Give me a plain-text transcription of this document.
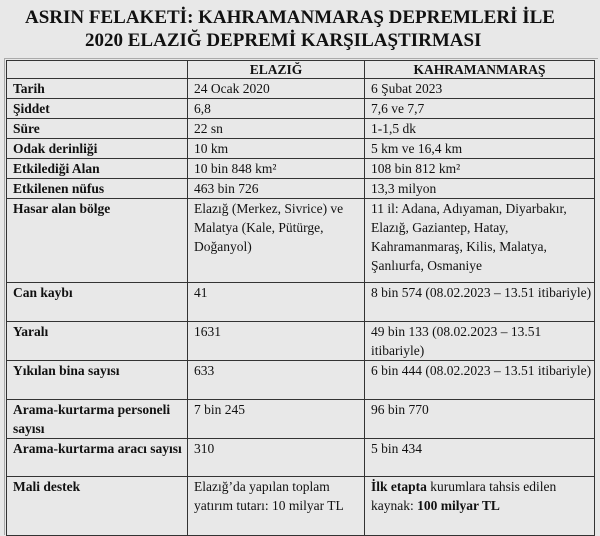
ASRIN FELAKETİ: KAHRAMANMARAŞ DEPREMLERİ İLE
2020 ELAZIĞ DEPREMİ KARŞILAŞTIRMASI
	ELAZIĞ	KAHRAMANMARAŞ
Tarih	24 Ocak 2020	6 Şubat 2023
Şiddet	6,8	7,6 ve 7,7
Süre	22 sn	1-1,5 dk
Odak derinliği	10 km	5 km ve 16,4 km
Etkilediği Alan	10 bin 848 km²	108 bin 812 km²
Etkilenen nüfus	463 bin 726	13,3 milyon
Hasar alan bölge	Elazığ (Merkez, Sivrice) ve Malatya (Kale, Pütürge, Doğanyol)	11 il: Adana, Adıyaman, Diyarbakır, Elazığ, Gaziantep, Hatay, Kahramanmaraş, Kilis, Malatya, Şanlıurfa, Osmaniye
Can kaybı	41	8 bin 574 (08.02.2023 – 13.51 itibariyle)
Yaralı	1631	49 bin 133 (08.02.2023 – 13.51 itibariyle)
Yıkılan bina sayısı	633	6 bin 444 (08.02.2023 – 13.51 itibariyle)
Arama-kurtarma personeli sayısı	7 bin 245	96 bin 770
Arama-kurtarma aracı sayısı	310	5 bin 434
Mali destek	Elazığ’da yapılan toplam yatırım tutarı: 10 milyar TL	İlk etapta kurumlara tahsis edilen kaynak: 100 milyar TL
